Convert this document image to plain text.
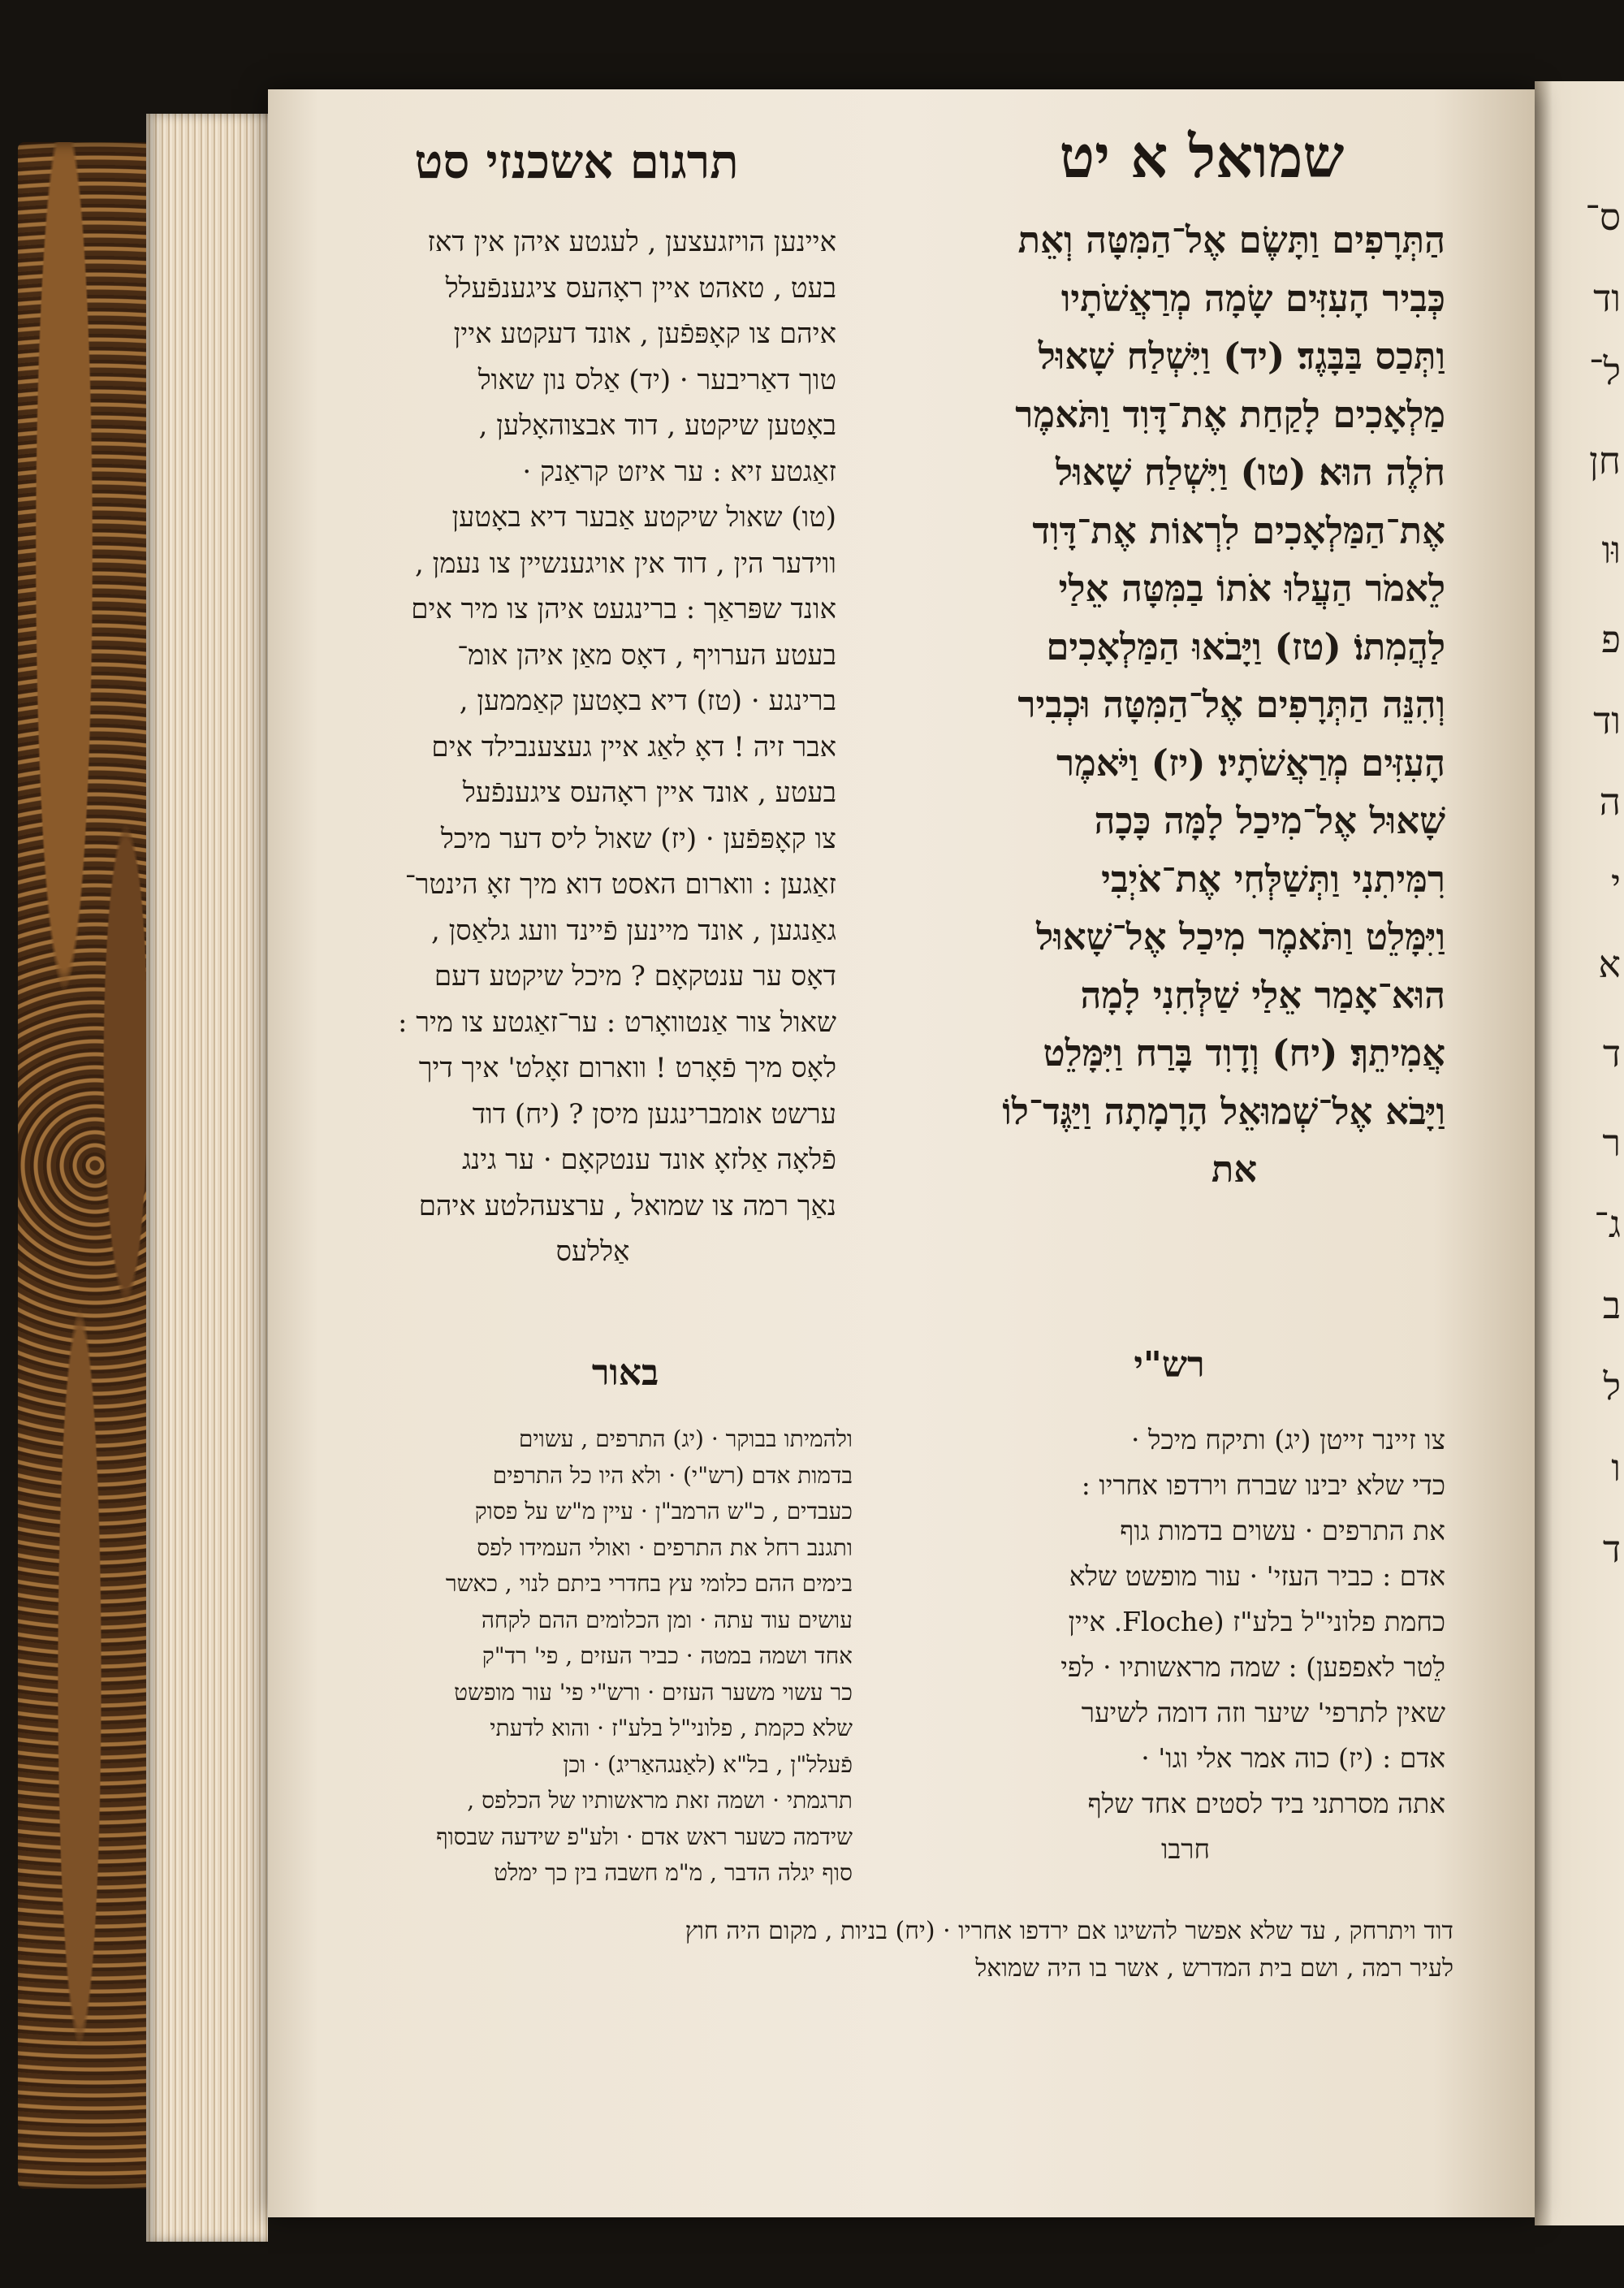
ס־
וד
ל־
חן
וּו
פ
וד
ה
י
א
ד
ר
ג־
ב
ל
ו
ד
תרגום אשכנזי סט	שמואל א יט
הַתְּרָפִים וַתָּשֶׂם אֶל־הַמִּטָּה וְאֵת
כְּבִיר הָעִזִּים שָׂמָה מְרַאֲשֹׁתָיו
וַתְּכַס בַּבָּגֶד׃ (יד) וַיִּשְׁלַח שָׁאוּל
מַלְאָכִים לָקַחַת אֶת־דָּוִד וַתֹּאמֶר
חֹלֶה הוּא׃ (טו) וַיִּשְׁלַח שָׁאוּל
אֶת־הַמַּלְאָכִים לִרְאוֹת אֶת־דָּוִד
לֵאמֹר הַעֲלוּ אֹתוֹ בַמִּטָּה אֵלַי
לַהֲמִתוֹ׃ (טז) וַיָּבֹאוּ הַמַּלְאָכִים
וְהִנֵּה הַתְּרָפִים אֶל־הַמִּטָּה וּכְבִיר
הָעִזִּים מְרַאֲשֹׁתָיו׃ (יז) וַיֹּאמֶר
שָׁאוּל אֶל־מִיכַל לָמָּה כָּכָה
רִמִּיתִנִי וַתְּשַׁלְּחִי אֶת־אֹיְבִי
וַיִּמָּלֵט וַתֹּאמֶר מִיכַל אֶל־שָׁאוּל
הוּא־אָמַר אֵלַי שַׁלְּחִנִי לָמָה
אֲמִיתֵךְ׃ (יח) וְדָוִד בָּרַח וַיִּמָּלֵט
וַיָּבֹא אֶל־שְׁמוּאֵל הָרָמָתָה וַיַּגֶּד־לוֹ
את
איינען הויזגעצען , לעגטע איהן אין דאז
בעט , טאהט איין ראָהעס ציגענפֿעלל
איהם צו קאָפּפֿען , אונד דעקטע איין
טוך דאַריבער · (יד) אַלס נון שאול
באָטען שיקטע , דוד אבצוהאָלען ,
זאַגטע זיא : ער איזט קראַנק ·
(טו) שאול שיקטע אַבער דיא באָטען
ווידער הין , דוד אין אויגענשיין צו נעמן ,
אונד שפּראַך : ברינגעט איהן צו מיר אים
בעטע הערויף , דאָס מאַן איהן אומ־
ברינגע · (טז) דיא באָטען קאַממען ,
אבר זיה ! דאָ לאַג איין געצענבילד אים
בעטע , אונד איין ראָהעס ציגענפֿעל
צו קאָפּפֿען · (יז) שאול ליס דער מיכל
זאַגען : ווארום האסט דוא מיך זאָ הינטר־
גאַנגען , אונד מיינען פֿיינד וועג גלאַסן ,
דאָס ער ענטקאָם ? מיכל שיקטע דעם
שאול צור אַנטוואָרט : ער־זאַגטע צו מיר :
לאָס מיך פֿאָרט ! ווארום זאָלט' איך דיך
ערשט אומברינגען מיסן ? (יח) דוד
פֿלאָה אַלזאָ אונד ענטקאָם · ער גינג
נאַך רמה צו שמואל , ערצעהלטע איהם
אַללעס
רש"י
באור
צו זיינר זייטן (יג) ותיקח מיכל ·
כדי שלא יבינו שברח וירדפו אחריו :
את התרפים · עשוים בדמות גוף
אדם : כביר העזי' · עור מופשט שלא
כחמת פלוני"ל בלע"ז (Floche. איין
לֵטר לאפפען) : שמה מראשותיו · לפי
שאין לתרפי' שיער וזה דומה לשיער
אדם : (יז) כוה אמר אלי וגו' ·
אתה מסרתני ביד לסטים אחד שלף
חרבו
ולהמיתו בבוקר · (יג) התרפים , עשוים
בדמות אדם (רש"י) · ולא היו כל התרפים
כעבדים , כ"ש הרמב"ן · עיין מ"ש על פסוק
ותגנב רחל את התרפים · ואולי העמידו לפס
בימים ההם כלומי עץ בחדרי ביתם לנוי , כאשר
עושים עוד עתה · ומן הכלומים ההם לקחה
אחד ושמה במטה · כביר העזים , פי' רד"ק
כר עשוי משער העזים · ורש"י פי' עור מופשט
שלא כקמת , פלוני"ל בלע"ז · והוא לדעתי
פֿעלל"ן , בל"א (לאַנגהאַריג) · וכן
תרגמתי · ושמה זאת מראשותיו של הכלפס ,
שידמה כשער ראש אדם · ולע"פ שידעה שבסוף
סוף יגלה הדבר , מ"מ חשבה בין כך ימלט
דוד ויתרחק , עד שלא אפשר להשיגו אם ירדפו אחריו · (יח) בניות , מקום היה חוץ
לעיר רמה , ושם בית המדרש , אשר בו היה שמואל
